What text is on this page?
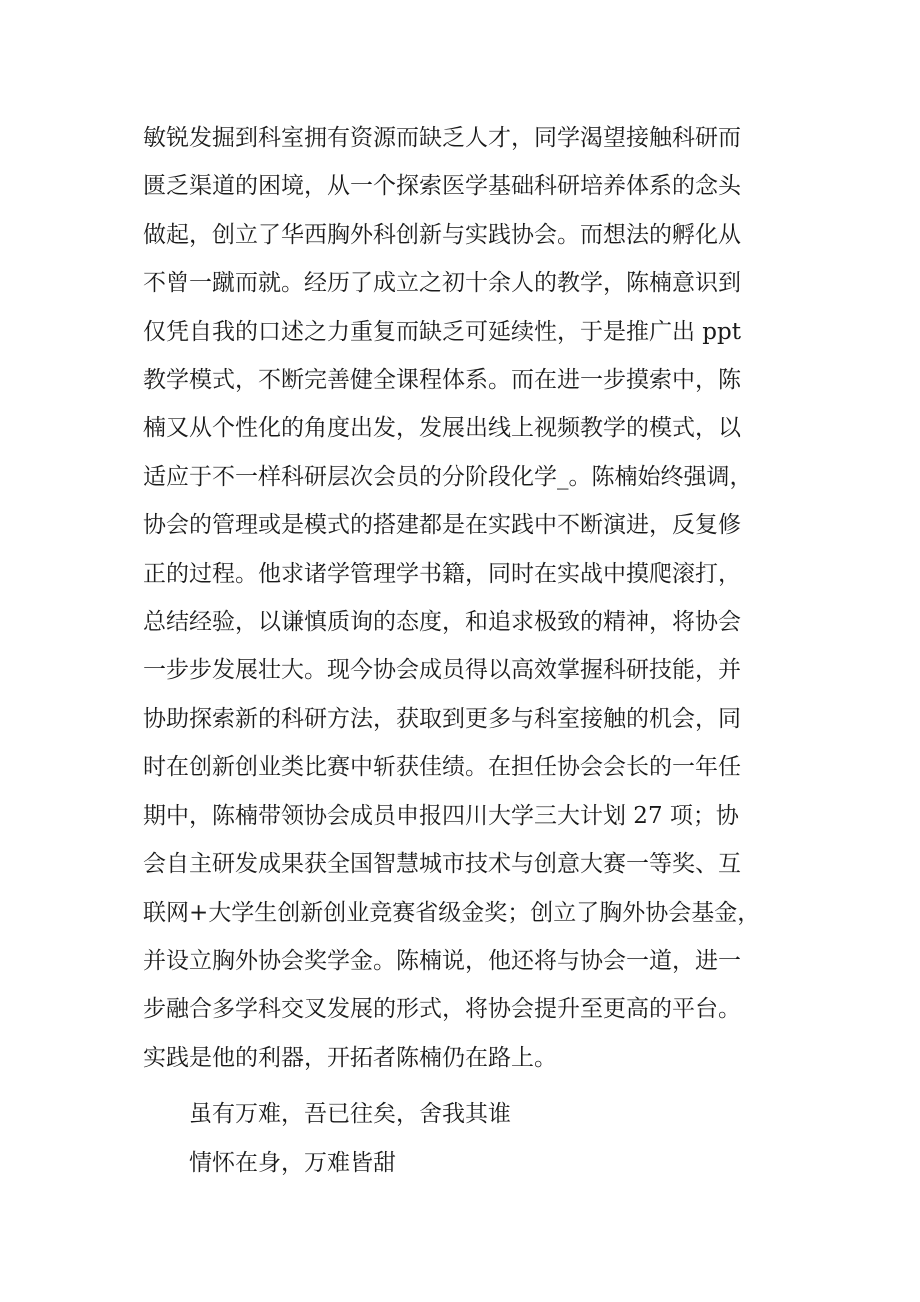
敏锐发掘到科室拥有资源而缺乏人才，同学渴望接触科研而
匮乏渠道的困境，从一个探索医学基础科研培养体系的念头
做起，创立了华西胸外科创新与实践协会。而想法的孵化从
不曾一蹴而就。经历了成立之初十余人的教学，陈楠意识到
仅凭自我的口述之力重复而缺乏可延续性，于是推广出 ppt
教学模式，不断完善健全课程体系。而在进一步摸索中，陈
楠又从个性化的角度出发，发展出线上视频教学的模式，以
适应于不一样科研层次会员的分阶段化学_。陈楠始终强调，
协会的管理或是模式的搭建都是在实践中不断演进，反复修
正的过程。他求诸学管理学书籍，同时在实战中摸爬滚打，
总结经验，以谦慎质询的态度，和追求极致的精神，将协会
一步步发展壮大。现今协会成员得以高效掌握科研技能，并
协助探索新的科研方法，获取到更多与科室接触的机会，同
时在创新创业类比赛中斩获佳绩。在担任协会会长的一年任
期中，陈楠带领协会成员申报四川大学三大计划 27 项；协
会自主研发成果获全国智慧城市技术与创意大赛一等奖、互
联网+大学生创新创业竞赛省级金奖；创立了胸外协会基金，
并设立胸外协会奖学金。陈楠说，他还将与协会一道，进一
步融合多学科交叉发展的形式，将协会提升至更高的平台。
实践是他的利器，开拓者陈楠仍在路上。
虽有万难，吾已往矣，舍我其谁
情怀在身，万难皆甜
